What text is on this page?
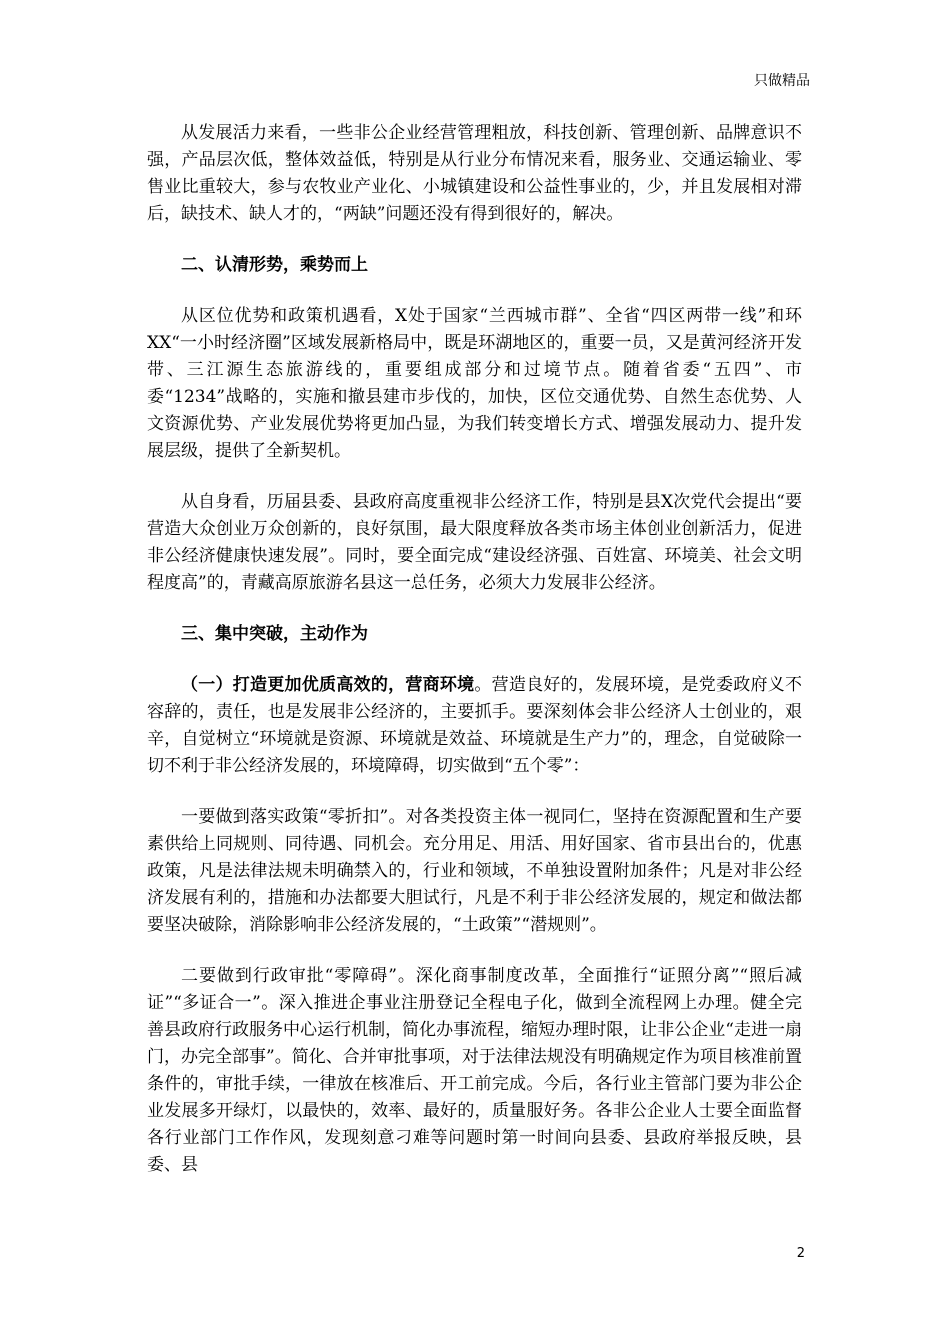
只做精品

从发展活力来看，一些非公企业经营管理粗放，科技创新、管理创新、品牌意识不强，产品层次低，整体效益低，特别是从行业分布情况来看，服务业、交通运输业、零售业比重较大，参与农牧业产业化、小城镇建设和公益性事业的，少，并且发展相对滞后，缺技术、缺人才的，“两缺”问题还没有得到很好的，解决。

二、认清形势，乘势而上

从区位优势和政策机遇看，X处于国家“兰西城市群”、全省“四区两带一线”和环XX“一小时经济圈”区域发展新格局中，既是环湖地区的，重要一员，又是黄河经济开发带、三江源生态旅游线的，重要组成部分和过境节点。随着省委“五四”、市委“1234”战略的，实施和撤县建市步伐的，加快，区位交通优势、自然生态优势、人文资源优势、产业发展优势将更加凸显，为我们转变增长方式、增强发展动力、提升发展层级，提供了全新契机。

从自身看，历届县委、县政府高度重视非公经济工作，特别是县X次党代会提出“要营造大众创业万众创新的，良好氛围，最大限度释放各类市场主体创业创新活力，促进非公经济健康快速发展”。同时，要全面完成“建设经济强、百姓富、环境美、社会文明程度高”的，青藏高原旅游名县这一总任务，必须大力发展非公经济。

三、集中突破，主动作为

（一）打造更加优质高效的，营商环境。营造良好的，发展环境，是党委政府义不容辞的，责任，也是发展非公经济的，主要抓手。要深刻体会非公经济人士创业的，艰辛，自觉树立“环境就是资源、环境就是效益、环境就是生产力”的，理念，自觉破除一切不利于非公经济发展的，环境障碍，切实做到“五个零”：

一要做到落实政策“零折扣”。对各类投资主体一视同仁，坚持在资源配置和生产要素供给上同规则、同待遇、同机会。充分用足、用活、用好国家、省市县出台的，优惠政策，凡是法律法规未明确禁入的，行业和领域，不单独设置附加条件；凡是对非公经济发展有利的，措施和办法都要大胆试行，凡是不利于非公经济发展的，规定和做法都要坚决破除，消除影响非公经济发展的，“土政策”“潜规则”。

二要做到行政审批“零障碍”。深化商事制度改革，全面推行“证照分离”“照后减证”“多证合一”。深入推进企事业注册登记全程电子化，做到全流程网上办理。健全完善县政府行政服务中心运行机制，简化办事流程，缩短办理时限，让非公企业“走进一扇门，办完全部事”。简化、合并审批事项，对于法律法规没有明确规定作为项目核准前置条件的，审批手续，一律放在核准后、开工前完成。今后，各行业主管部门要为非公企业发展多开绿灯，以最快的，效率、最好的，质量服好务。各非公企业人士要全面监督各行业部门工作作风，发现刻意刁难等问题时第一时间向县委、县政府举报反映，县委、县

2
